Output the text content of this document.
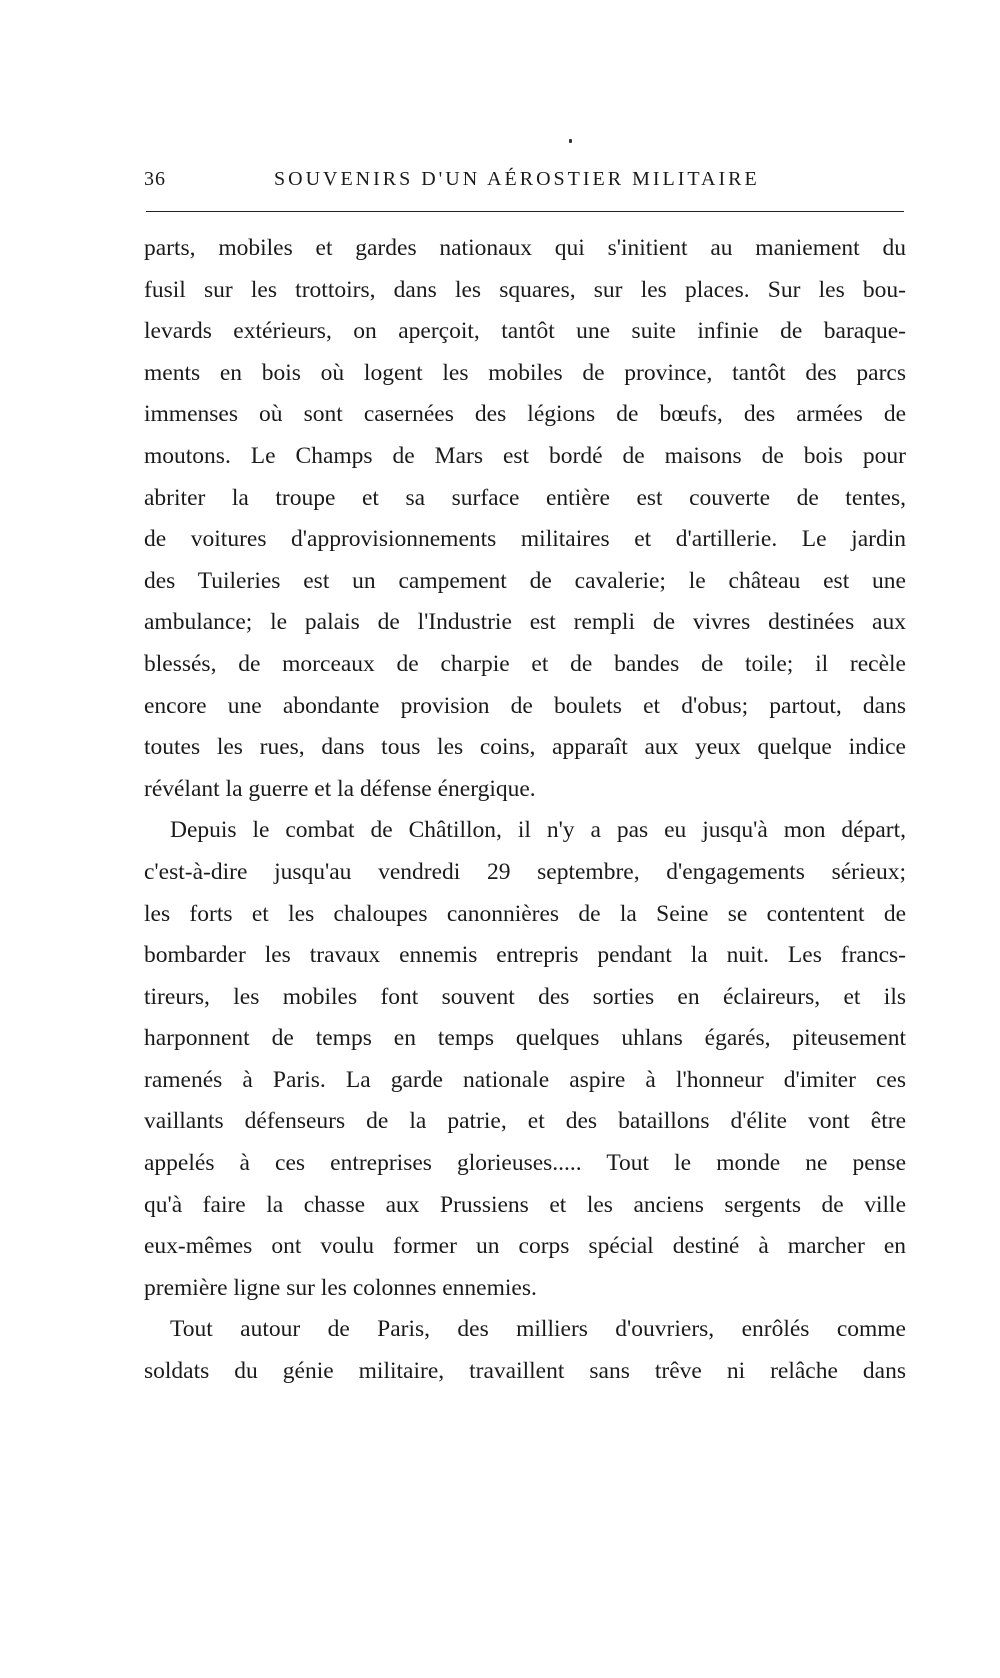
36	SOUVENIRS D'UN AÉROSTIER MILITAIRE
parts, mobiles et gardes nationaux qui s'initient au maniement du
fusil sur les trottoirs, dans les squares, sur les places. Sur les bou-
levards extérieurs, on aperçoit, tantôt une suite infinie de baraque-
ments en bois où logent les mobiles de province, tantôt des parcs
immenses où sont casernées des légions de bœufs, des armées de
moutons. Le Champs de Mars est bordé de maisons de bois pour
abriter la troupe et sa surface entière est couverte de tentes,
de voitures d'approvisionnements militaires et d'artillerie. Le jardin
des Tuileries est un campement de cavalerie; le château est une
ambulance; le palais de l'Industrie est rempli de vivres destinées aux
blessés, de morceaux de charpie et de bandes de toile; il recèle
encore une abondante provision de boulets et d'obus; partout, dans
toutes les rues, dans tous les coins, apparaît aux yeux quelque indice
révélant la guerre et la défense énergique.
Depuis le combat de Châtillon, il n'y a pas eu jusqu'à mon départ,
c'est-à-dire jusqu'au vendredi 29 septembre, d'engagements sérieux;
les forts et les chaloupes canonnières de la Seine se contentent de
bombarder les travaux ennemis entrepris pendant la nuit. Les francs-
tireurs, les mobiles font souvent des sorties en éclaireurs, et ils
harponnent de temps en temps quelques uhlans égarés, piteusement
ramenés à Paris. La garde nationale aspire à l'honneur d'imiter ces
vaillants défenseurs de la patrie, et des bataillons d'élite vont être
appelés à ces entreprises glorieuses..... Tout le monde ne pense
qu'à faire la chasse aux Prussiens et les anciens sergents de ville
eux-mêmes ont voulu former un corps spécial destiné à marcher en
première ligne sur les colonnes ennemies.
Tout autour de Paris, des milliers d'ouvriers, enrôlés comme
soldats du génie militaire, travaillent sans trêve ni relâche dans
